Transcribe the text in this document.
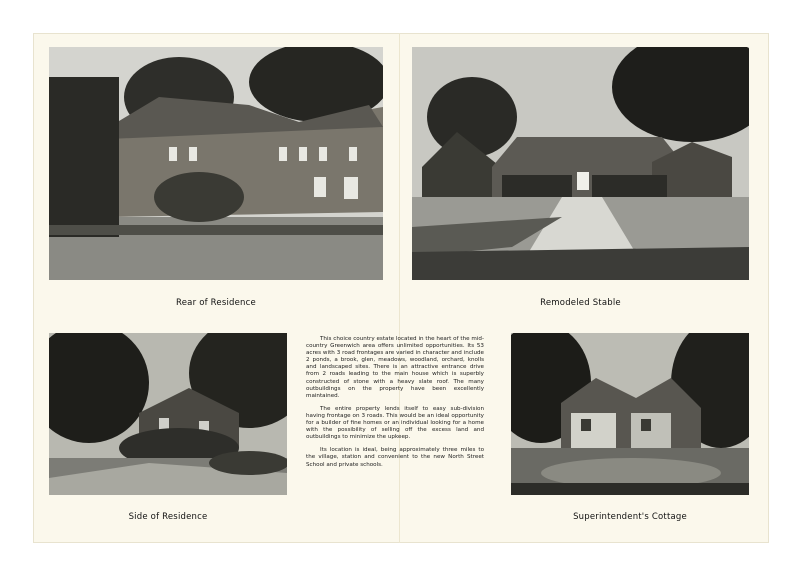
Rear of Residence	Remodeled Stable
Side of Residence	Superintendent's Cottage

This choice country estate located in the heart of the mid-country Greenwich area offers unlimited opportunities. Its 53 acres with 3 road frontages are varied in character and include 2 ponds, a brook, glen, meadows, woodland, orchard, knolls and landscaped sites. There is an attractive entrance drive from 2 roads leading to the main house which is superbly constructed of stone with a heavy slate roof. The many outbuildings on the property have been excellently maintained.

The entire property lends itself to easy sub-division having frontage on 3 roads. This would be an ideal opportunity for a builder of fine homes or an individual looking for a home with the possibility of selling off the excess land and outbuildings to minimize the upkeep.

Its location is ideal, being approximately three miles to the village, station and convenient to the new North Street School and private schools.
